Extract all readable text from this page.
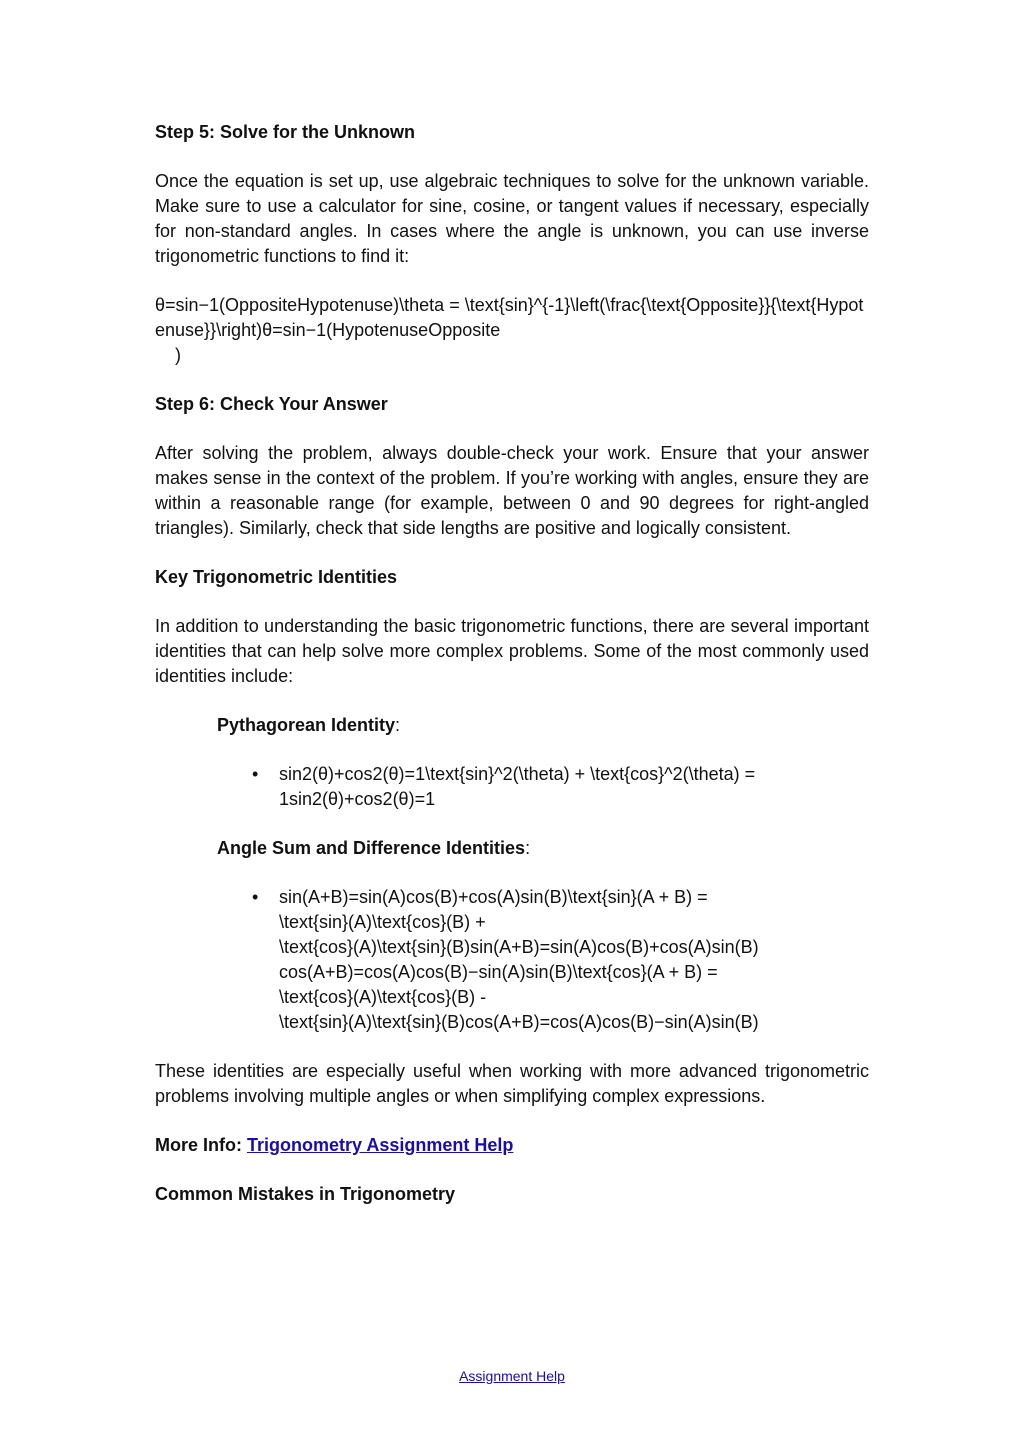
Step 5: Solve for the Unknown

Once the equation is set up, use algebraic techniques to solve for the unknown variable. Make sure to use a calculator for sine, cosine, or tangent values if necessary, especially for non-standard angles. In cases where the angle is unknown, you can use inverse trigonometric functions to find it:

θ=sin−1(OppositeHypotenuse)\theta = \text{sin}^{-1}\left(\frac{\text{Opposite}}{\text{Hypotenuse}}\right)θ=sin−1(HypotenuseOpposite
)

Step 6: Check Your Answer

After solving the problem, always double-check your work. Ensure that your answer makes sense in the context of the problem. If you’re working with angles, ensure they are within a reasonable range (for example, between 0 and 90 degrees for right-angled triangles). Similarly, check that side lengths are positive and logically consistent.

Key Trigonometric Identities

In addition to understanding the basic trigonometric functions, there are several important identities that can help solve more complex problems. Some of the most commonly used identities include:

Pythagorean Identity:

• sin2(θ)+cos2(θ)=1\text{sin}^2(\theta) + \text{cos}^2(\theta) =
1sin2(θ)+cos2(θ)=1

Angle Sum and Difference Identities:

• sin(A+B)=sin(A)cos(B)+cos(A)sin(B)\text{sin}(A + B) =
\text{sin}(A)\text{cos}(B) +
\text{cos}(A)\text{sin}(B)sin(A+B)=sin(A)cos(B)+cos(A)sin(B)
cos(A+B)=cos(A)cos(B)−sin(A)sin(B)\text{cos}(A + B) =
\text{cos}(A)\text{cos}(B) -
\text{sin}(A)\text{sin}(B)cos(A+B)=cos(A)cos(B)−sin(A)sin(B)

These identities are especially useful when working with more advanced trigonometric problems involving multiple angles or when simplifying complex expressions.

More Info: Trigonometry Assignment Help

Common Mistakes in Trigonometry

Assignment Help
